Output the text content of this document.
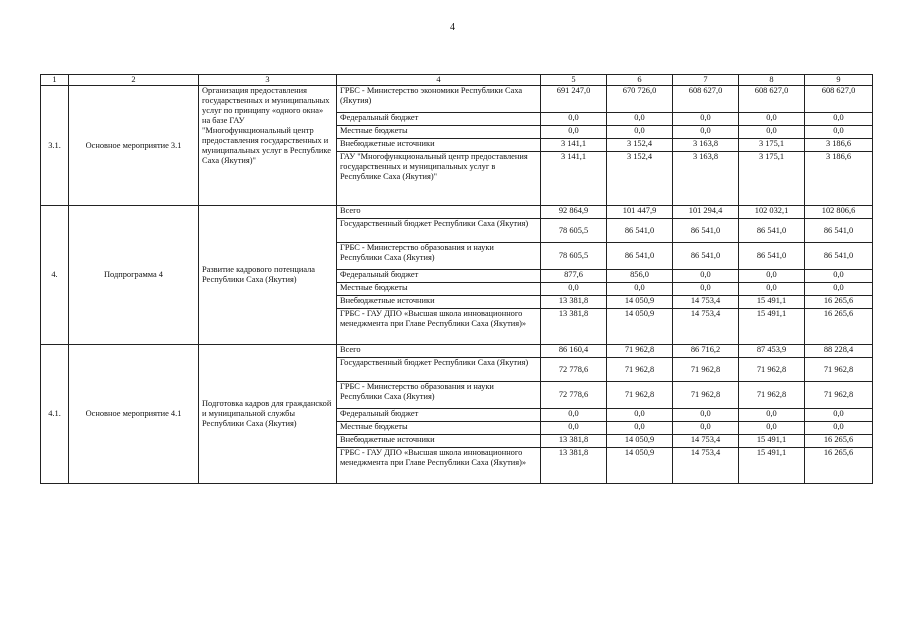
4
1	2	3	4	5	6	7	8	9
3.1.	Основное мероприятие 3.1	Организация предоставления государственных и муниципальных услуг по принципу «одного окна» на базе ГАУ "Многофункциональный центр предоставления государственных и муниципальных услуг в Республике Саха (Якутия)"	ГРБС - Министерство экономики Республики Саха (Якутия)	691 247,0	670 726,0	608 627,0	608 627,0	608 627,0
			Федеральный бюджет	0,0	0,0	0,0	0,0	0,0
			Местные бюджеты	0,0	0,0	0,0	0,0	0,0
			Внебюджетные источники	3 141,1	3 152,4	3 163,8	3 175,1	3 186,6
			ГАУ "Многофункциональный центр предоставления государственных и муниципальных услуг в Республике Саха (Якутия)"	3 141,1	3 152,4	3 163,8	3 175,1	3 186,6
4.	Подпрограмма 4	Развитие кадрового потенциала Республики Саха (Якутия)	Всего	92 864,9	101 447,9	101 294,4	102 032,1	102 806,6
			Государственный бюджет Республики Саха (Якутия)	78 605,5	86 541,0	86 541,0	86 541,0	86 541,0
			ГРБС - Министерство образования и науки Республики Саха (Якутия)	78 605,5	86 541,0	86 541,0	86 541,0	86 541,0
			Федеральный бюджет	877,6	856,0	0,0	0,0	0,0
			Местные бюджеты	0,0	0,0	0,0	0,0	0,0
			Внебюджетные источники	13 381,8	14 050,9	14 753,4	15 491,1	16 265,6
			ГРБС - ГАУ ДПО «Высшая школа инновационного менеджмента при Главе Республики Саха (Якутия)»	13 381,8	14 050,9	14 753,4	15 491,1	16 265,6
4.1.	Основное мероприятие 4.1	Подготовка кадров для гражданской и муниципальной службы Республики Саха (Якутия)	Всего	86 160,4	71 962,8	86 716,2	87 453,9	88 228,4
			Государственный бюджет Республики Саха (Якутия)	72 778,6	71 962,8	71 962,8	71 962,8	71 962,8
			ГРБС - Министерство образования и науки Республики Саха (Якутия)	72 778,6	71 962,8	71 962,8	71 962,8	71 962,8
			Федеральный бюджет	0,0	0,0	0,0	0,0	0,0
			Местные бюджеты	0,0	0,0	0,0	0,0	0,0
			Внебюджетные источники	13 381,8	14 050,9	14 753,4	15 491,1	16 265,6
			ГРБС - ГАУ ДПО «Высшая школа инновационного менеджмента при Главе Республики Саха (Якутия)»	13 381,8	14 050,9	14 753,4	15 491,1	16 265,6
